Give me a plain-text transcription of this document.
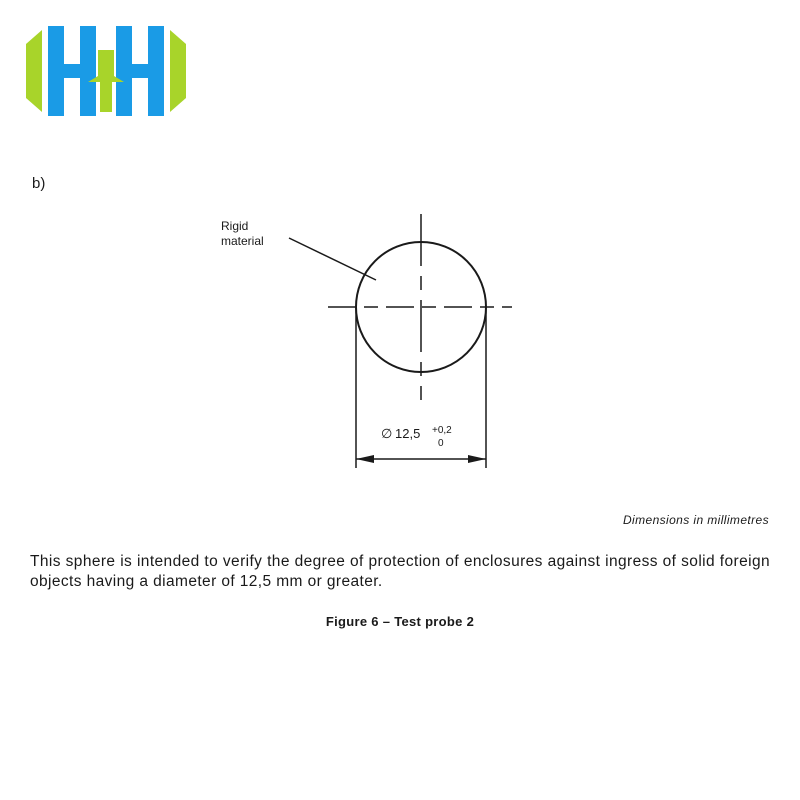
b)
Rigid
material
∅ 12,5 +0,2
0
Dimensions in millimetres
This sphere is intended to verify the degree of protection of enclosures against ingress of solid foreign objects having a diameter of 12,5 mm or greater.
Figure 6 – Test probe 2
